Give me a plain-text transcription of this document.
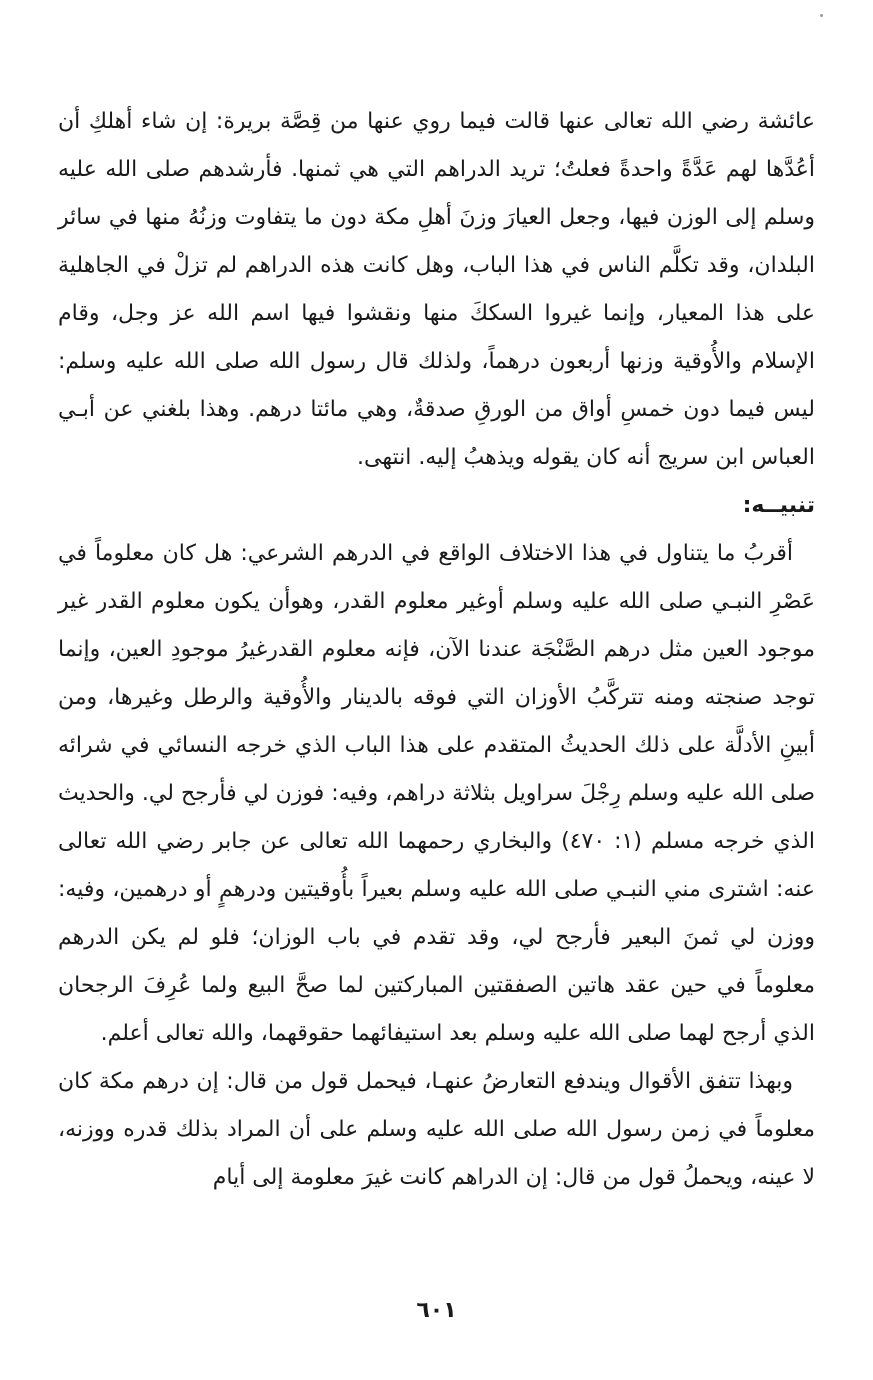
عائشة رضي الله تعالى عنها قالت فيما روي عنها من قِصَّة بريرة: إن شاء أهلكِ أن أعُدَّها لهم عَدَّةً واحدةً فعلتُ؛ تريد الدراهم التي هي ثمنها. فأرشدهم صلى الله عليه وسلم إلى الوزن فيها، وجعل العيارَ وزنَ أهلِ مكة دون ما يتفاوت وزنُهُ منها في سائر البلدان، وقد تكلَّم الناس في هذا الباب، وهل كانت هذه الدراهم لم تزلْ في الجاهلية على هذا المعيار، وإنما غيروا السككَ منها ونقشوا فيها اسم الله عز وجل، وقام الإسلام والأُوقية وزنها أربعون درهماً، ولذلك قال رسول الله صلى الله عليه وسلم: ليس فيما دون خمسِ أواق من الورقِ صدقةٌ، وهي مائتا درهم. وهذا بلغني عن أبـي العباس ابن سريج أنه كان يقوله ويذهبُ إليه. انتهى.

تنبيــه:

أقربُ ما يتناول في هذا الاختلاف الواقع في الدرهم الشرعي: هل كان معلوماً في عَصْرِ النبـي صلى الله عليه وسلم أوغير معلوم القدر، وهوأن يكون معلوم القدر غير موجود العين مثل درهم الصَّنْجَة عندنا الآن، فإنه معلوم القدرغيرُ موجودِ العين، وإنما توجد صنجته ومنه تتركَّبُ الأوزان التي فوقه بالدينار والأُوقية والرطل وغيرها، ومن أبينِ الأدلَّة على ذلك الحديثُ المتقدم على هذا الباب الذي خرجه النسائي في شرائه صلى الله عليه وسلم رِجْلَ سراويل بثلاثة دراهم، وفيه: فوزن لي فأرجح لي. والحديث الذي خرجه مسلم (١: ٤٧٠) والبخاري رحمهما الله تعالى عن جابر رضي الله تعالى عنه: اشترى مني النبـي صلى الله عليه وسلم بعيراً بأُوقيتين ودرهمٍ أو درهمين، وفيه: ووزن لي ثمنَ البعير فأرجح لي، وقد تقدم في باب الوزان؛ فلو لم يكن الدرهم معلوماً في حين عقد هاتين الصفقتين المباركتين لما صحَّ البيع ولما عُرِفَ الرجحان الذي أرجح لهما صلى الله عليه وسلم بعد استيفائهما حقوقهما، والله تعالى أعلم.

وبهذا تتفق الأقوال ويندفع التعارضُ عنهـا، فيحمل قول من قال: إن درهم مكة كان معلوماً في زمن رسول الله صلى الله عليه وسلم على أن المراد بذلك قدره ووزنه، لا عينه، ويحملُ قول من قال: إن الدراهم كانت غيرَ معلومة إلى أيام

٦٠١
